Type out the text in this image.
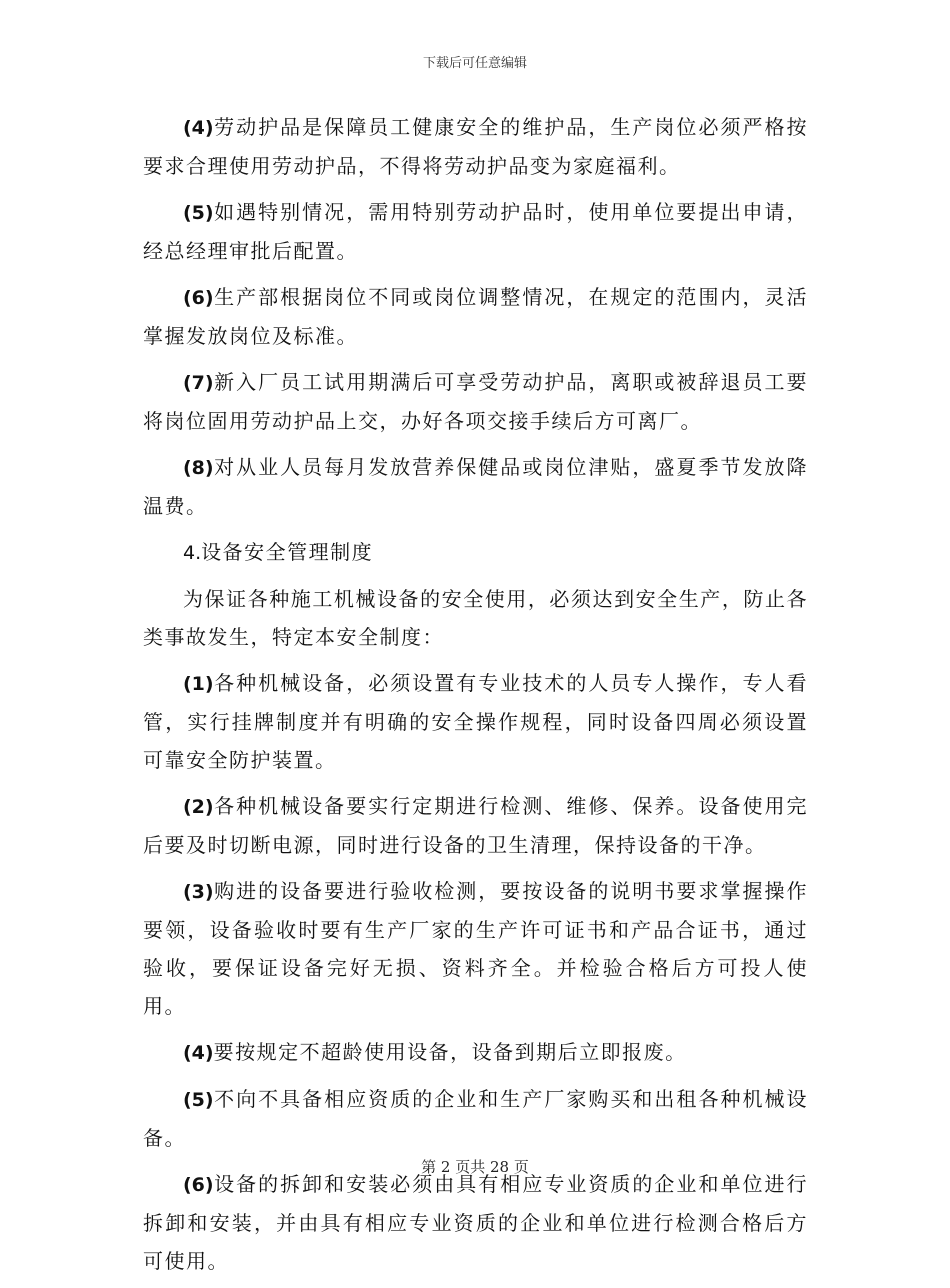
下载后可任意编辑

(4)劳动护品是保障员工健康安全的维护品，生产岗位必须严格按要求合理使用劳动护品，不得将劳动护品变为家庭福利。

(5)如遇特别情况，需用特别劳动护品时，使用单位要提出申请，经总经理审批后配置。

(6)生产部根据岗位不同或岗位调整情况，在规定的范围内，灵活掌握发放岗位及标准。

(7)新入厂员工试用期满后可享受劳动护品，离职或被辞退员工要将岗位固用劳动护品上交，办好各项交接手续后方可离厂。

(8)对从业人员每月发放营养保健品或岗位津贴，盛夏季节发放降温费。

4.设备安全管理制度

为保证各种施工机械设备的安全使用，必须达到安全生产，防止各类事故发生，特定本安全制度：

(1)各种机械设备，必须设置有专业技术的人员专人操作，专人看管，实行挂牌制度并有明确的安全操作规程，同时设备四周必须设置可靠安全防护装置。

(2)各种机械设备要实行定期进行检测、维修、保养。设备使用完后要及时切断电源，同时进行设备的卫生清理，保持设备的干净。

(3)购进的设备要进行验收检测，要按设备的说明书要求掌握操作要领，设备验收时要有生产厂家的生产许可证书和产品合证书，通过验收，要保证设备完好无损、资料齐全。并检验合格后方可投人使用。

(4)要按规定不超龄使用设备，设备到期后立即报废。

(5)不向不具备相应资质的企业和生产厂家购买和出租各种机械设备。

(6)设备的拆卸和安装必须由具有相应专业资质的企业和单位进行拆卸和安装，并由具有相应专业资质的企业和单位进行检测合格后方可使用。

第 2 页共 28 页
